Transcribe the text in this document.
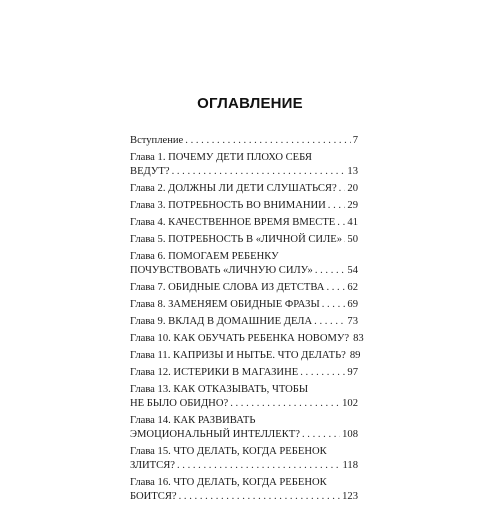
ОГЛАВЛЕНИЕ
Вступление . . .	7
Глава 1. ПОЧЕМУ ДЕТИ ПЛОХО СЕБЯ
ВЕДУТ? . . .	13
Глава 2. ДОЛЖНЫ ЛИ ДЕТИ СЛУШАТЬСЯ? . . . 20
Глава 3. ПОТРЕБНОСТЬ ВО ВНИМАНИИ . . . 29
Глава 4. КАЧЕСТВЕННОЕ ВРЕМЯ ВМЕСТЕ . . . 41
Глава 5. ПОТРЕБНОСТЬ В «ЛИЧНОЙ СИЛЕ» . . . 50
Глава 6. ПОМОГАЕМ РЕБЕНКУ
ПОЧУВСТВОВАТЬ «ЛИЧНУЮ СИЛУ» . . .	54
Глава 7. ОБИДНЫЕ СЛОВА ИЗ ДЕТСТВА . . . 62
Глава 8. ЗАМЕНЯЕМ ОБИДНЫЕ ФРАЗЫ . . .	69
Глава 9. ВКЛАД В ДОМАШНИЕ ДЕЛА . . .	73
Глава 10. КАК ОБУЧАТЬ РЕБЕНКА НОВОМУ? 83
Глава 11. КАПРИЗЫ И НЫТЬЕ. ЧТО ДЕЛАТЬ? 89
Глава 12. ИСТЕРИКИ В МАГАЗИНЕ . . .	97
Глава 13. КАК ОТКАЗЫВАТЬ, ЧТОБЫ
НЕ БЫЛО ОБИДНО? . . .	102
Глава 14. КАК РАЗВИВАТЬ
ЭМОЦИОНАЛЬНЫЙ ИНТЕЛЛЕКТ? . . .	108
Глава 15. ЧТО ДЕЛАТЬ, КОГДА РЕБЕНОК
ЗЛИТСЯ? . . .	118
Глава 16. ЧТО ДЕЛАТЬ, КОГДА РЕБЕНОК
БОИТСЯ? . . .	123
